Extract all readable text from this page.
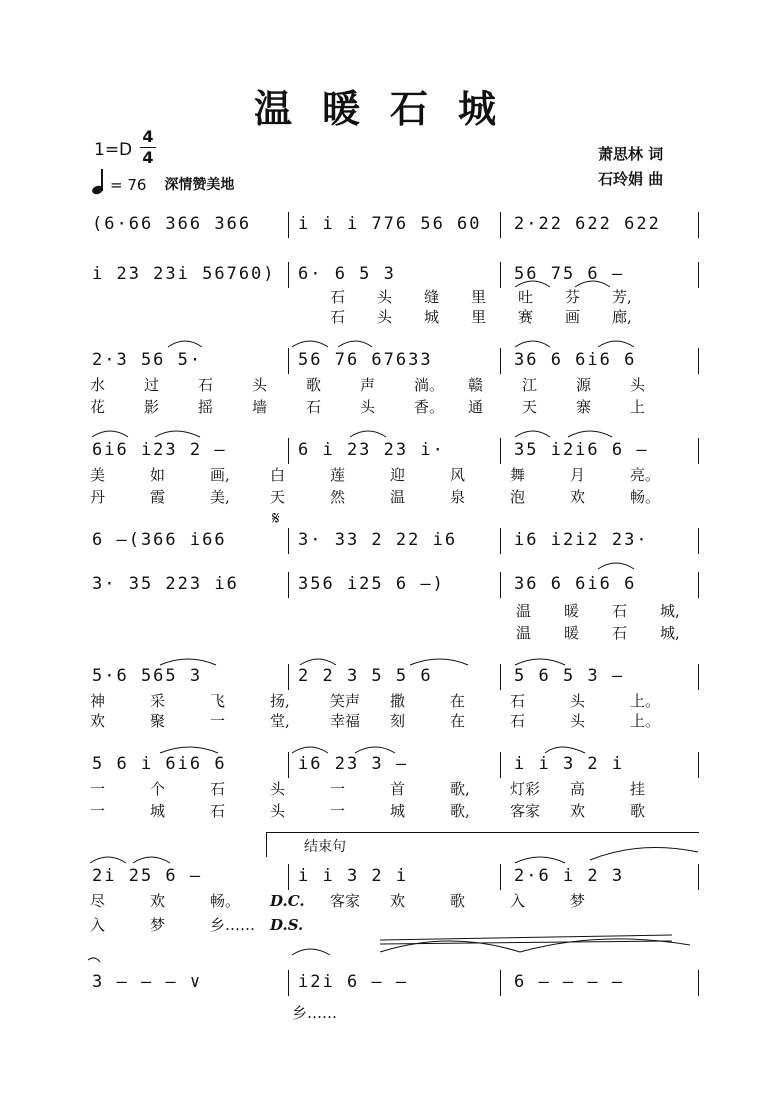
温暖石城
1=D
4
4
= 76 深情赞美地
萧思林 词
石玲娟 曲
(6·66 366 366	i i i 776 56 60 2·22 622 622
i 23 23i 56760) 6· 6 5 3	56 75 6 –
2·3 56 5·	56 76 67633	36 6 6i6 6
6i6 i23 2 –	6 i 23 23 i·	35 i2i6 6 –
6 –(366 i66	3· 33 2 22 i6	i6 i2i2 23·
3· 35 223 i6	356 i25 6 –)	36 6 6i6 6
5·6 565 3	2 2 3 5 5 6	5 6 5 3 –
5 6 i 6i6 6	i6 23 3 –	i i 3 2 i
2i 25 6 –	i i 3 2 i	2·6 i 2 3
3 – – – ∨	i2i 6 – –	6 – – – –
𝄋
结束句
石 头 缝 里 吐 芬 芳,
石 头 城 里 赛 画 廊,
水	过	石	头	歌	声	淌。 赣	江	源	头
花	影	摇	墙	石	头	香。 通	天	寨	上
美	如	画,	白	莲	迎	风	舞	月	亮。
丹	霞	美,	天	然	温	泉	泡	欢	畅。
温 暖 石 城,
温 暖 石 城,
神	采	飞	扬,	笑声 撒	在	石	头	上。
欢	聚	一	堂,	幸福 刻	在	石	头	上。
一	个	石	头	一	首	歌,	灯彩 高	挂
一	城	石	头	一	城	歌,	客家 欢	歌
尽	欢	畅。 D.C. 客家 欢	歌	入	梦
入	梦	乡…… D.S.
乡……
